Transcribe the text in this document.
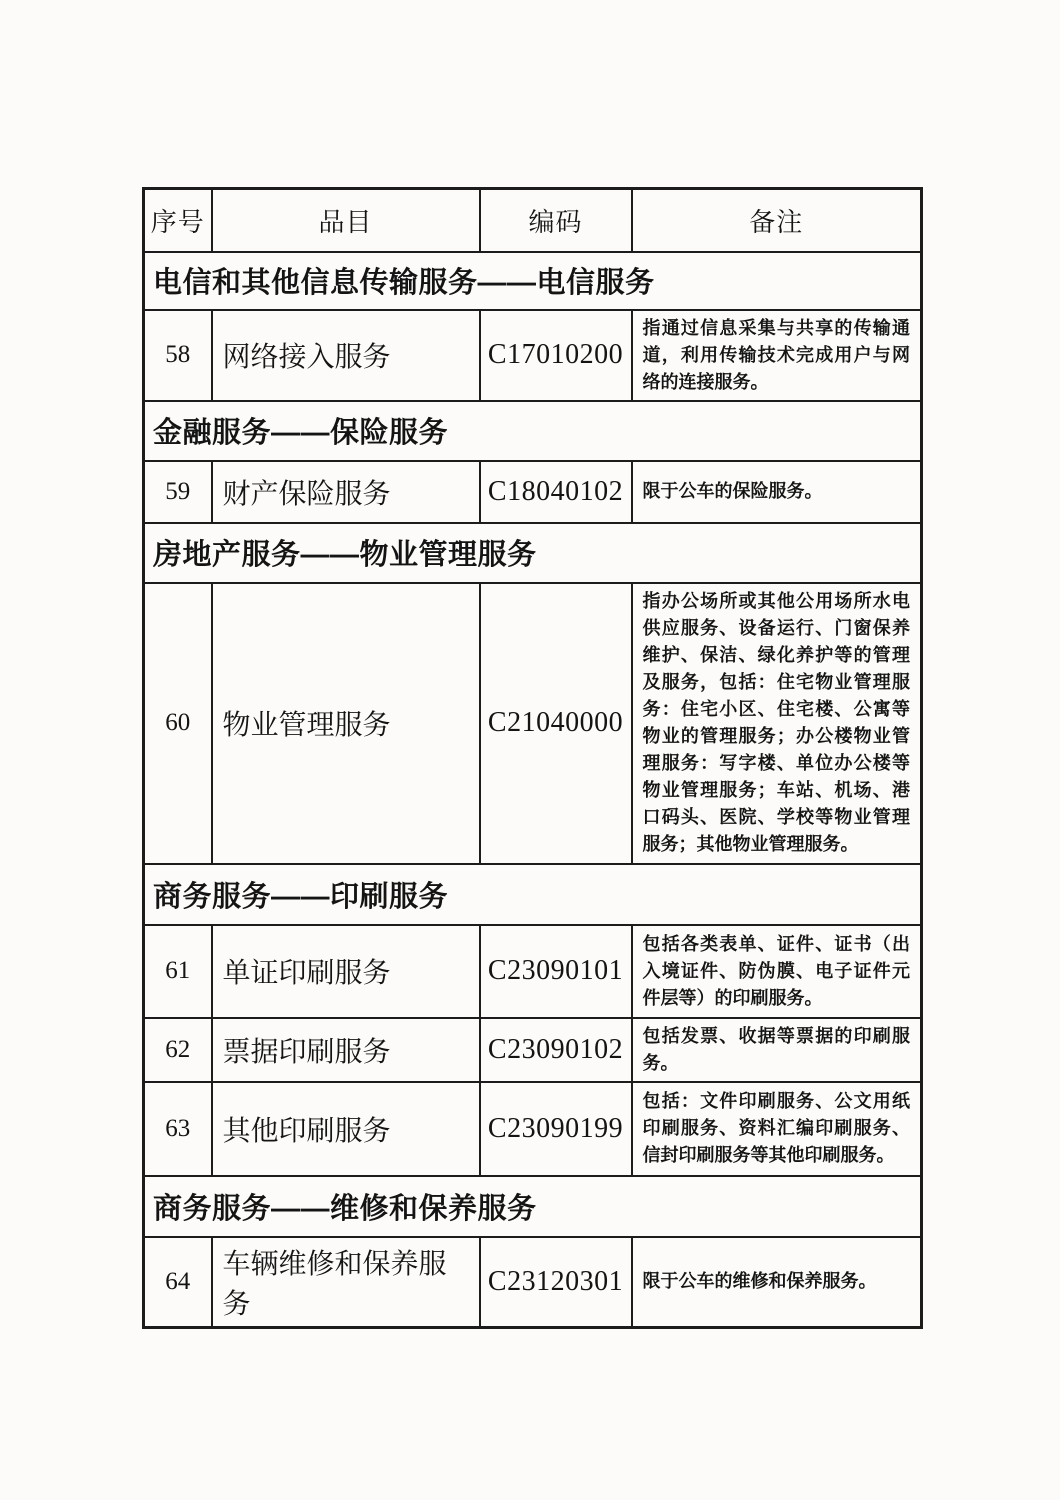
序号	品目	编码	备注
电信和其他信息传输服务——电信服务			
58	网络接入服务	C17010200	指通过信息采集与共享的传输通道，利用传输技术完成用户与网络的连接服务。
金融服务——保险服务			
59	财产保险服务	C18040102	限于公车的保险服务。
房地产服务——物业管理服务			
60	物业管理服务	C21040000	指办公场所或其他公用场所水电供应服务、设备运行、门窗保养维护、保洁、绿化养护等的管理及服务，包括：住宅物业管理服务：住宅小区、住宅楼、公寓等物业的管理服务；办公楼物业管理服务：写字楼、单位办公楼等物业管理服务；车站、机场、港口码头、医院、学校等物业管理服务；其他物业管理服务。
商务服务——印刷服务			
61	单证印刷服务	C23090101	包括各类表单、证件、证书（出入境证件、防伪膜、电子证件元件层等）的印刷服务。
62	票据印刷服务	C23090102	包括发票、收据等票据的印刷服务。
63	其他印刷服务	C23090199	包括：文件印刷服务、公文用纸印刷服务、资料汇编印刷服务、信封印刷服务等其他印刷服务。
商务服务——维修和保养服务			
64	车辆维修和保养服务	C23120301	限于公车的维修和保养服务。
